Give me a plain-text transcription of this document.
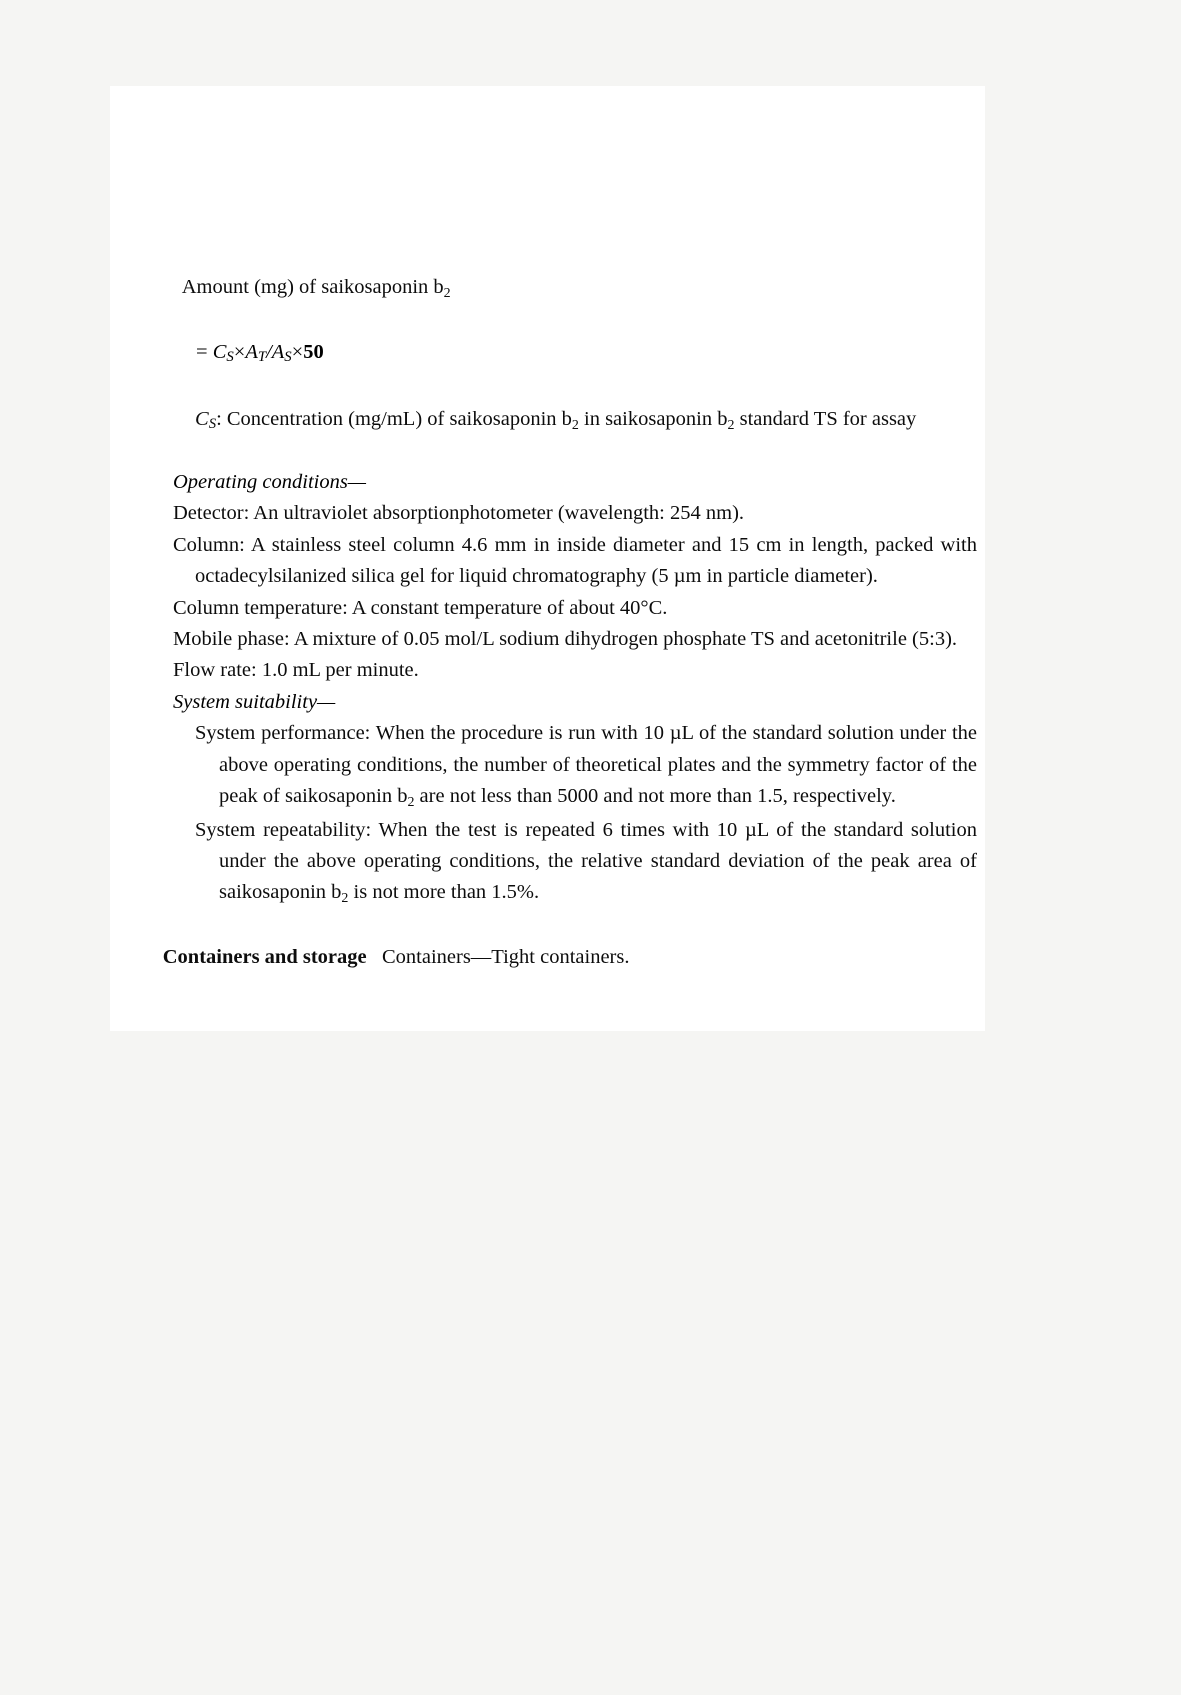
Amount (mg) of saikosaponin $b_2$

= CS×AT/AS×50
CS: Concentration (mg/mL) of saikosaponin $b_2$ in saikosaponin $b_2$ standard TS for assay
Operating conditions—
Detector: An ultraviolet absorptionphotometer (wavelength: 254 nm).
Column: A stainless steel column 4.6 mm in inside diameter and 15 cm in length, packed with octadecylsilanized silica gel for liquid chromatography (5 µm in particle diameter).
Column temperature: A constant temperature of about 40°C.
Mobile phase: A mixture of 0.05 mol/L sodium dihydrogen phosphate TS and acetonitrile (5:3).
Flow rate: 1.0 mL per minute.
System suitability—
System performance: When the procedure is run with 10 µL of the standard solution under the above operating conditions, the number of theoretical plates and the symmetry factor of the peak of saikosaponin $b_2$ are not less than 5000 and not more than 1.5, respectively.
System repeatability: When the test is repeated 6 times with 10 µL of the standard solution under the above operating conditions, the relative standard deviation of the peak area of saikosaponin $b_2$ is not more than 1.5%.

Containers and storage Containers—Tight containers.
